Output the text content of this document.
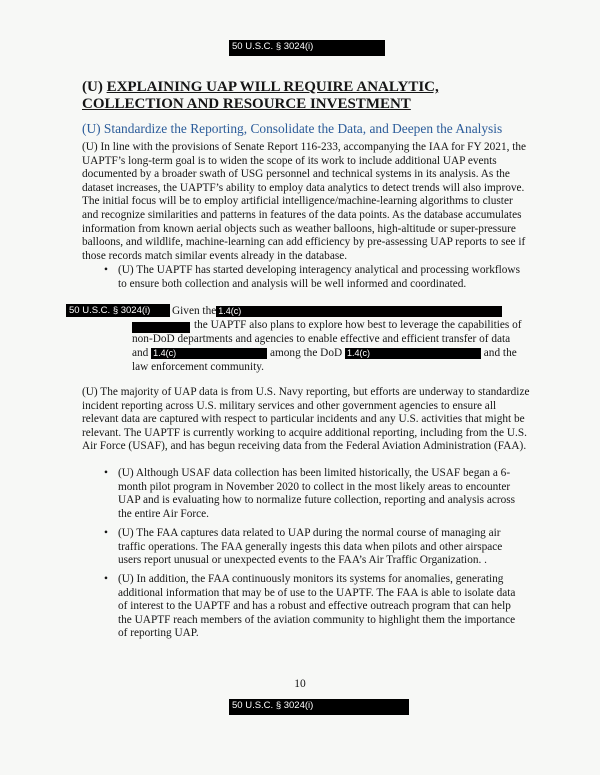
50 U.S.C. § 3024(i)
(U) EXPLAINING UAP WILL REQUIRE ANALYTIC, COLLECTION AND RESOURCE INVESTMENT
(U) Standardize the Reporting, Consolidate the Data, and Deepen the Analysis
(U) In line with the provisions of Senate Report 116-233, accompanying the IAA for FY 2021, the UAPTF’s long-term goal is to widen the scope of its work to include additional UAP events documented by a broader swath of USG personnel and technical systems in its analysis. As the dataset increases, the UAPTF’s ability to employ data analytics to detect trends will also improve. The initial focus will be to employ artificial intelligence/machine-learning algorithms to cluster and recognize similarities and patterns in features of the data points. As the database accumulates information from known aerial objects such as weather balloons, high-altitude or super-pressure balloons, and wildlife, machine-learning can add efficiency by pre-assessing UAP reports to see if those records match similar events already in the database.
• (U) The UAPTF has started developing interagency analytical and processing workflows to ensure both collection and analysis will be well informed and coordinated.
50 U.S.C. § 3024(i)	Given the 1.4(c)
the UAPTF also plans to explore how best to leverage the capabilities of
non-DoD departments and agencies to enable effective and efficient transfer of data
and 1.4(c)	among the DoD 1.4(c)	and the
law enforcement community.
(U) The majority of UAP data is from U.S. Navy reporting, but efforts are underway to standardize incident reporting across U.S. military services and other government agencies to ensure all relevant data are captured with respect to particular incidents and any U.S. activities that might be relevant. The UAPTF is currently working to acquire additional reporting, including from the U.S. Air Force (USAF), and has begun receiving data from the Federal Aviation Administration (FAA).
• (U) Although USAF data collection has been limited historically, the USAF began a 6-month pilot program in November 2020 to collect in the most likely areas to encounter UAP and is evaluating how to normalize future collection, reporting and analysis across the entire Air Force.
• (U) The FAA captures data related to UAP during the normal course of managing air traffic operations. The FAA generally ingests this data when pilots and other airspace users report unusual or unexpected events to the FAA’s Air Traffic Organization. .
• (U) In addition, the FAA continuously monitors its systems for anomalies, generating additional information that may be of use to the UAPTF. The FAA is able to isolate data of interest to the UAPTF and has a robust and effective outreach program that can help the UAPTF reach members of the aviation community to highlight them the importance of reporting UAP.
10
50 U.S.C. § 3024(i)
